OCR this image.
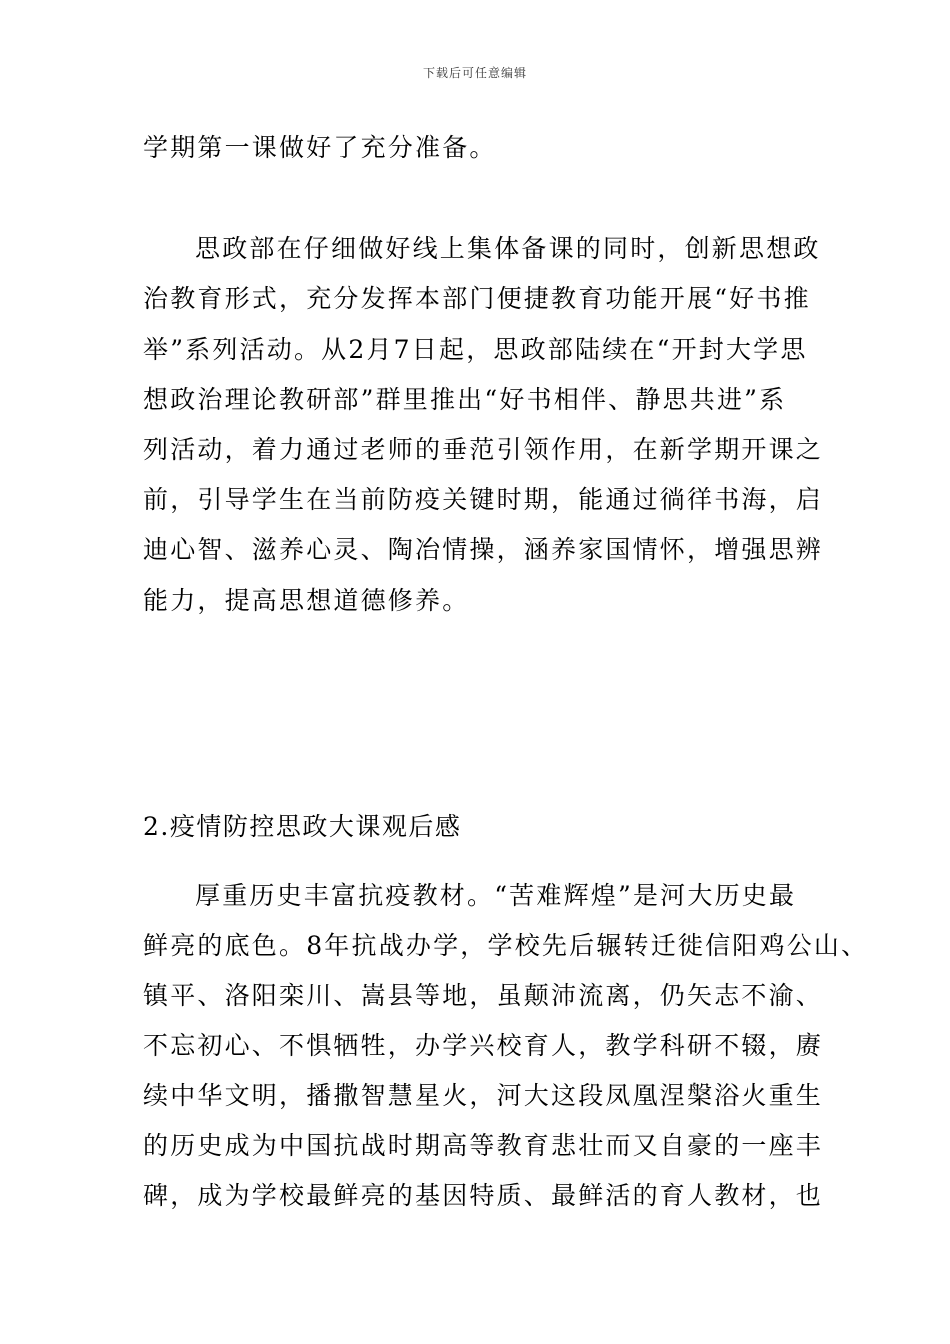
下载后可任意编辑
学期第一课做好了充分准备。
思政部在仔细做好线上集体备课的同时，创新思想政
治教育形式，充分发挥本部门便捷教育功能开展“好书推
举”系列活动。从2月7日起，思政部陆续在“开封大学思
想政治理论教研部”群里推出“好书相伴、静思共进”系
列活动，着力通过老师的垂范引领作用，在新学期开课之
前，引导学生在当前防疫关键时期，能通过徜徉书海，启
迪心智、滋养心灵、陶冶情操，涵养家国情怀，增强思辨
能力，提高思想道德修养。
2.疫情防控思政大课观后感
厚重历史丰富抗疫教材。“苦难辉煌”是河大历史最
鲜亮的底色。8年抗战办学，学校先后辗转迁徙信阳鸡公山、
镇平、洛阳栾川、嵩县等地，虽颠沛流离，仍矢志不渝、
不忘初心、不惧牺牲，办学兴校育人，教学科研不辍，赓
续中华文明，播撒智慧星火，河大这段凤凰涅槃浴火重生
的历史成为中国抗战时期高等教育悲壮而又自豪的一座丰
碑，成为学校最鲜亮的基因特质、最鲜活的育人教材，也
